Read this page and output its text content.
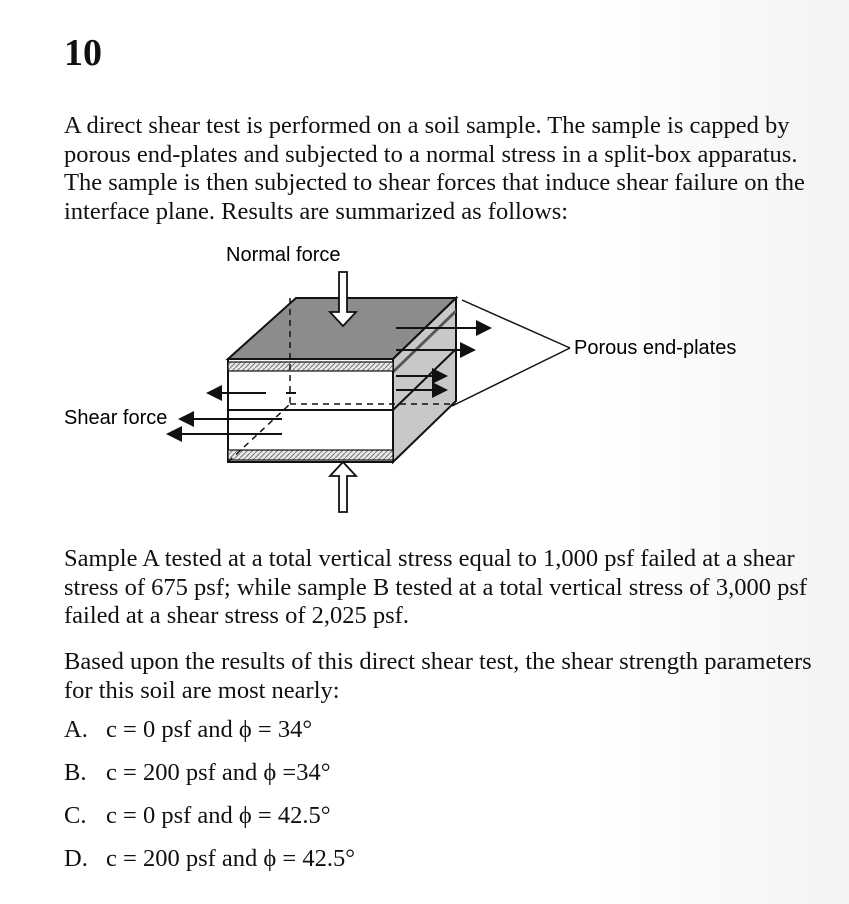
10

A direct shear test is performed on a soil sample. The sample is capped by porous end-plates and subjected to a normal stress in a split-box apparatus. The sample is then subjected to shear forces that induce shear failure on the interface plane. Results are summarized as follows:

Normal force
Porous end-plates
Shear force

Sample A tested at a total vertical stress equal to 1,000 psf failed at a shear stress of 675 psf; while sample B tested at a total vertical stress of 3,000 psf failed at a shear stress of 2,025 psf.

Based upon the results of this direct shear test, the shear strength parameters for this soil are most nearly:

A. c = 0 psf and ϕ = 34°
B. c = 200 psf and ϕ =34°
C. c = 0 psf and ϕ = 42.5°
D. c = 200 psf and ϕ = 42.5°
